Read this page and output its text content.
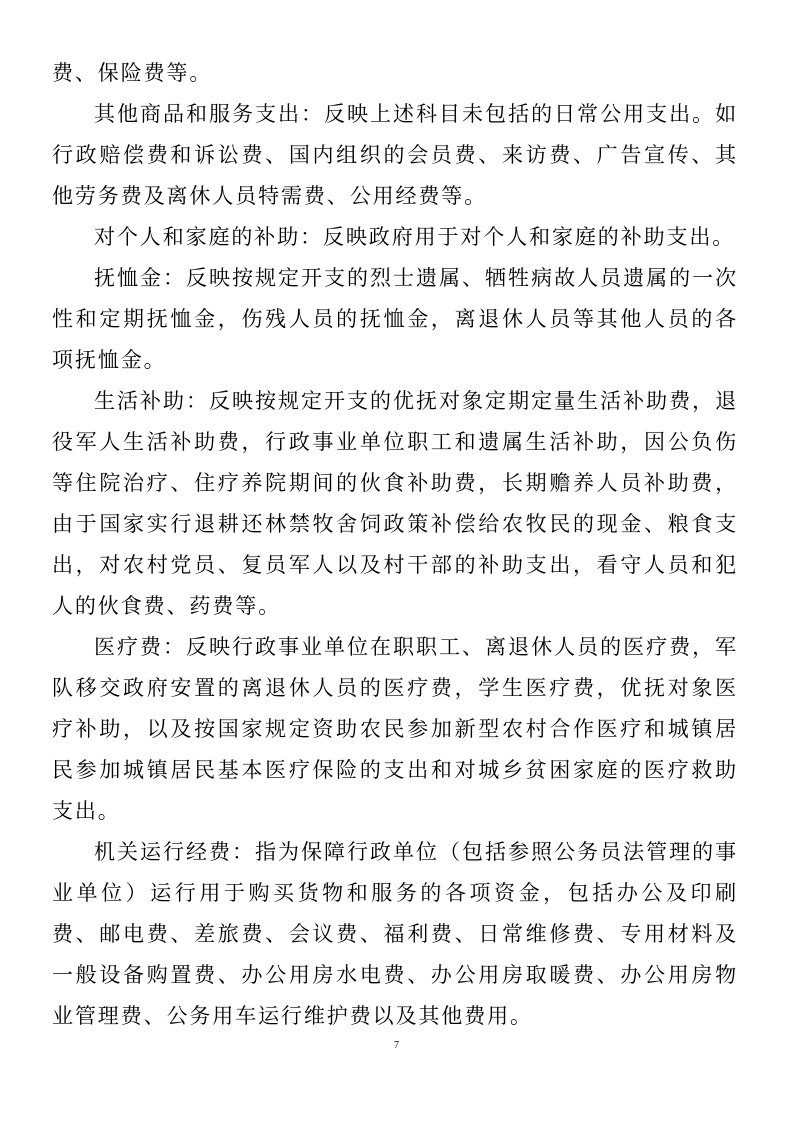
费、保险费等。

其他商品和服务支出：反映上述科目未包括的日常公用支出。如行政赔偿费和诉讼费、国内组织的会员费、来访费、广告宣传、其他劳务费及离休人员特需费、公用经费等。

对个人和家庭的补助：反映政府用于对个人和家庭的补助支出。

抚恤金：反映按规定开支的烈士遗属、牺牲病故人员遗属的一次性和定期抚恤金，伤残人员的抚恤金，离退休人员等其他人员的各项抚恤金。

生活补助：反映按规定开支的优抚对象定期定量生活补助费，退役军人生活补助费，行政事业单位职工和遗属生活补助，因公负伤等住院治疗、住疗养院期间的伙食补助费，长期赡养人员补助费，由于国家实行退耕还林禁牧舍饲政策补偿给农牧民的现金、粮食支出，对农村党员、复员军人以及村干部的补助支出，看守人员和犯人的伙食费、药费等。

医疗费：反映行政事业单位在职职工、离退休人员的医疗费，军队移交政府安置的离退休人员的医疗费，学生医疗费，优抚对象医疗补助，以及按国家规定资助农民参加新型农村合作医疗和城镇居民参加城镇居民基本医疗保险的支出和对城乡贫困家庭的医疗救助支出。

机关运行经费：指为保障行政单位（包括参照公务员法管理的事业单位）运行用于购买货物和服务的各项资金，包括办公及印刷费、邮电费、差旅费、会议费、福利费、日常维修费、专用材料及一般设备购置费、办公用房水电费、办公用房取暖费、办公用房物业管理费、公务用车运行维护费以及其他费用。

7
